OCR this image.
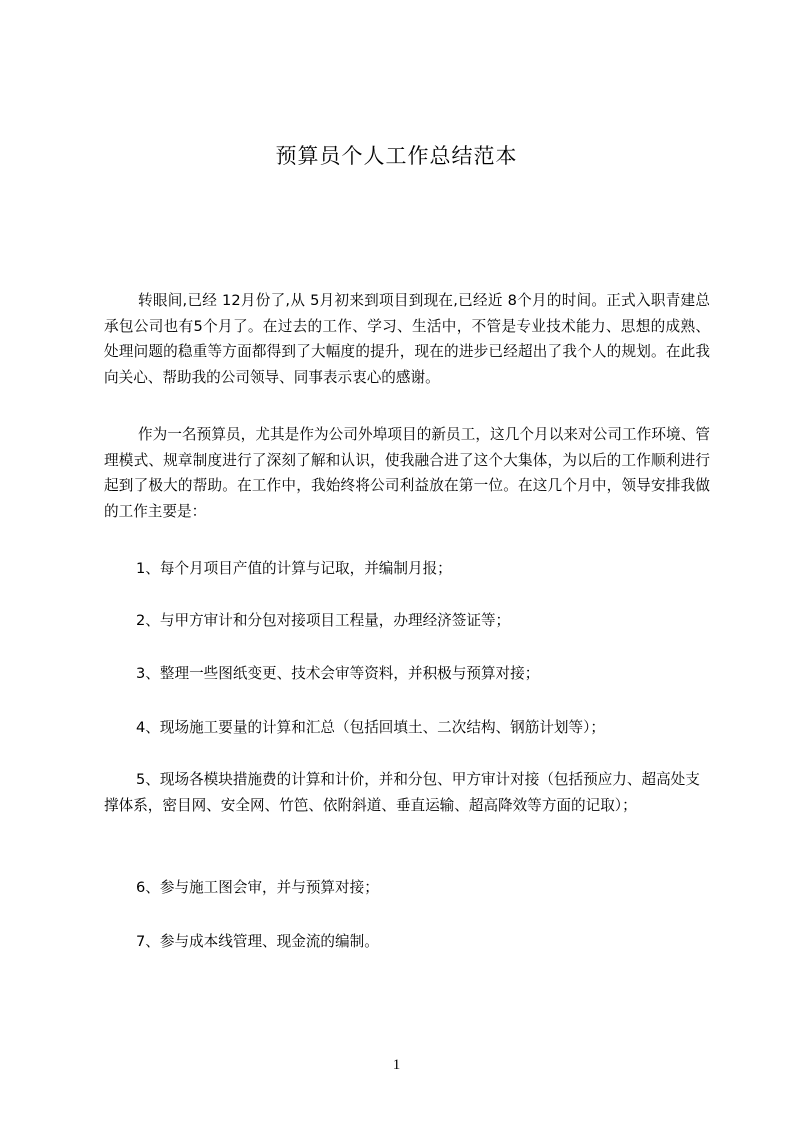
预算员个人工作总结范本

转眼间,已经 12月份了,从 5月初来到项目到现在,已经近 8个月的时间。正式入职青建总承包公司也有5个月了。在过去的工作、学习、生活中，不管是专业技术能力、思想的成熟、处理问题的稳重等方面都得到了大幅度的提升，现在的进步已经超出了我个人的规划。在此我向关心、帮助我的公司领导、同事表示衷心的感谢。

作为一名预算员，尤其是作为公司外埠项目的新员工，这几个月以来对公司工作环境、管理模式、规章制度进行了深刻了解和认识，使我融合进了这个大集体，为以后的工作顺利进行起到了极大的帮助。在工作中，我始终将公司利益放在第一位。在这几个月中，领导安排我做的工作主要是：

1、每个月项目产值的计算与记取，并编制月报；

2、与甲方审计和分包对接项目工程量，办理经济签证等；

3、整理一些图纸变更、技术会审等资料，并积极与预算对接；

4、现场施工要量的计算和汇总（包括回填土、二次结构、钢筋计划等）；

5、现场各模块措施费的计算和计价，并和分包、甲方审计对接（包括预应力、超高处支撑体系，密目网、安全网、竹笆、依附斜道、垂直运输、超高降效等方面的记取）；

6、参与施工图会审，并与预算对接；

7、参与成本线管理、现金流的编制。

1
